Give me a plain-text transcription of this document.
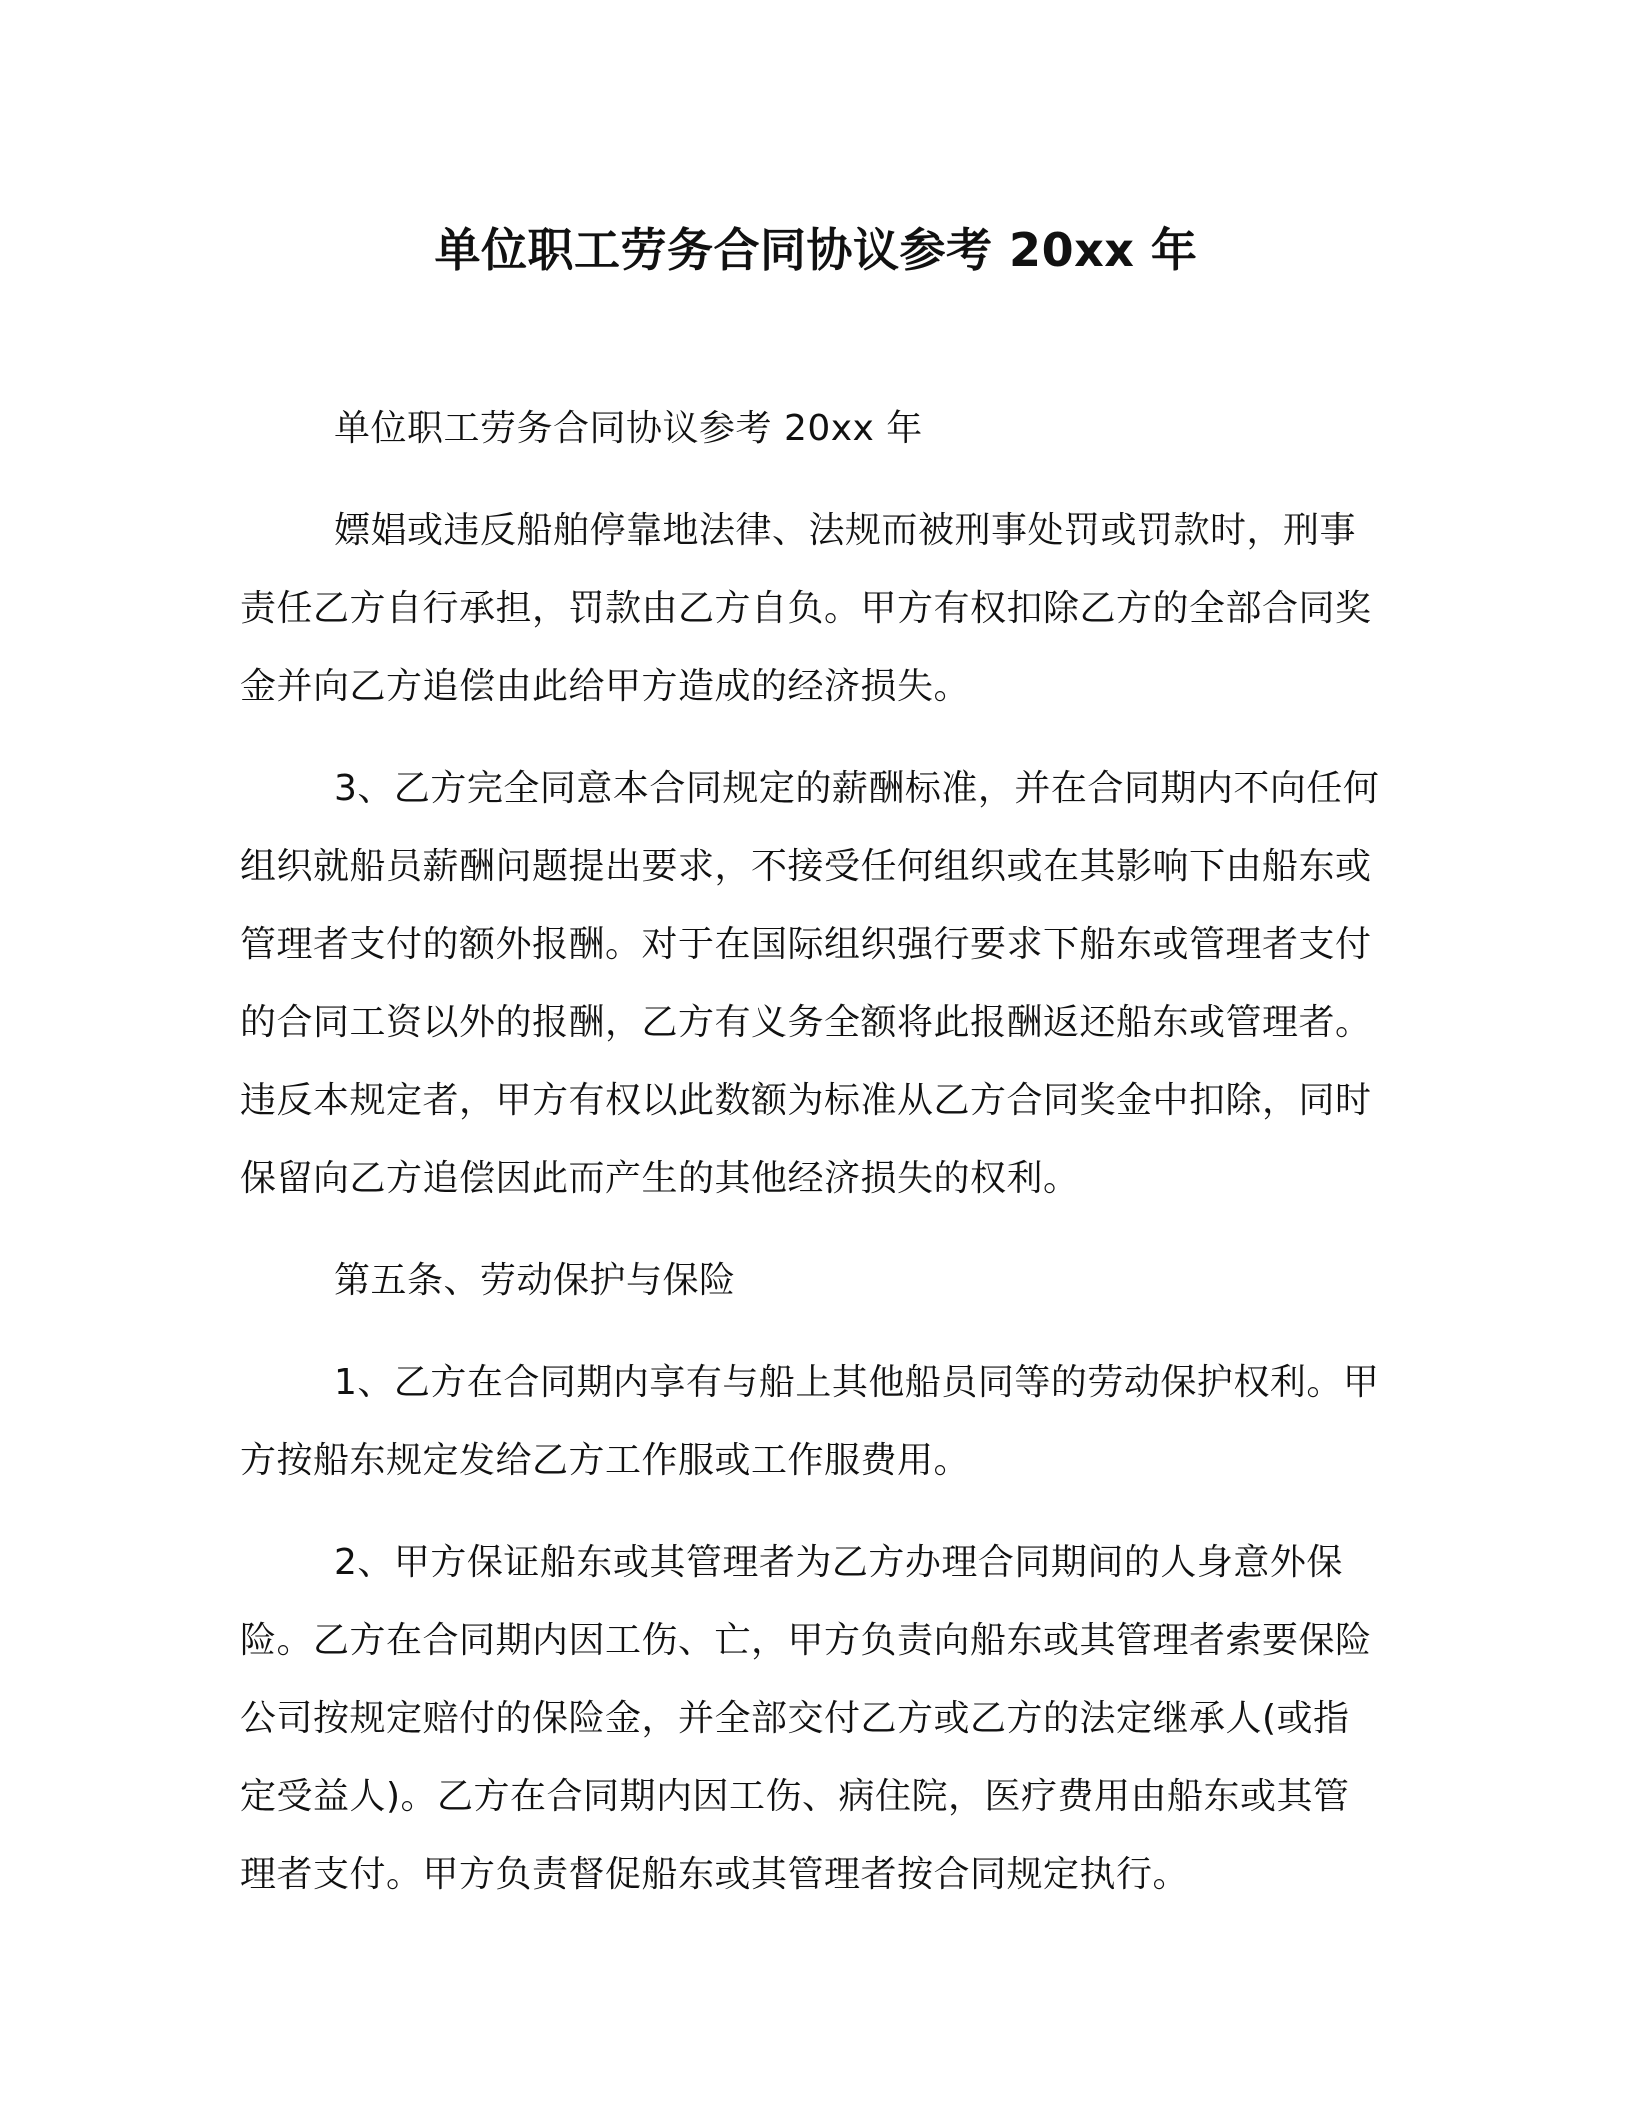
单位职工劳务合同协议参考 20xx 年

单位职工劳务合同协议参考 20xx 年

嫖娼或违反船舶停靠地法律、法规而被刑事处罚或罚款时，刑事责任乙方自行承担，罚款由乙方自负。甲方有权扣除乙方的全部合同奖金并向乙方追偿由此给甲方造成的经济损失。

3、乙方完全同意本合同规定的薪酬标准，并在合同期内不向任何组织就船员薪酬问题提出要求，不接受任何组织或在其影响下由船东或管理者支付的额外报酬。对于在国际组织强行要求下船东或管理者支付的合同工资以外的报酬，乙方有义务全额将此报酬返还船东或管理者。违反本规定者，甲方有权以此数额为标准从乙方合同奖金中扣除，同时保留向乙方追偿因此而产生的其他经济损失的权利。

第五条、劳动保护与保险

1、乙方在合同期内享有与船上其他船员同等的劳动保护权利。甲方按船东规定发给乙方工作服或工作服费用。

2、甲方保证船东或其管理者为乙方办理合同期间的人身意外保险。乙方在合同期内因工伤、亡，甲方负责向船东或其管理者索要保险公司按规定赔付的保险金，并全部交付乙方或乙方的法定继承人(或指定受益人)。乙方在合同期内因工伤、病住院，医疗费用由船东或其管理者支付。甲方负责督促船东或其管理者按合同规定执行。
